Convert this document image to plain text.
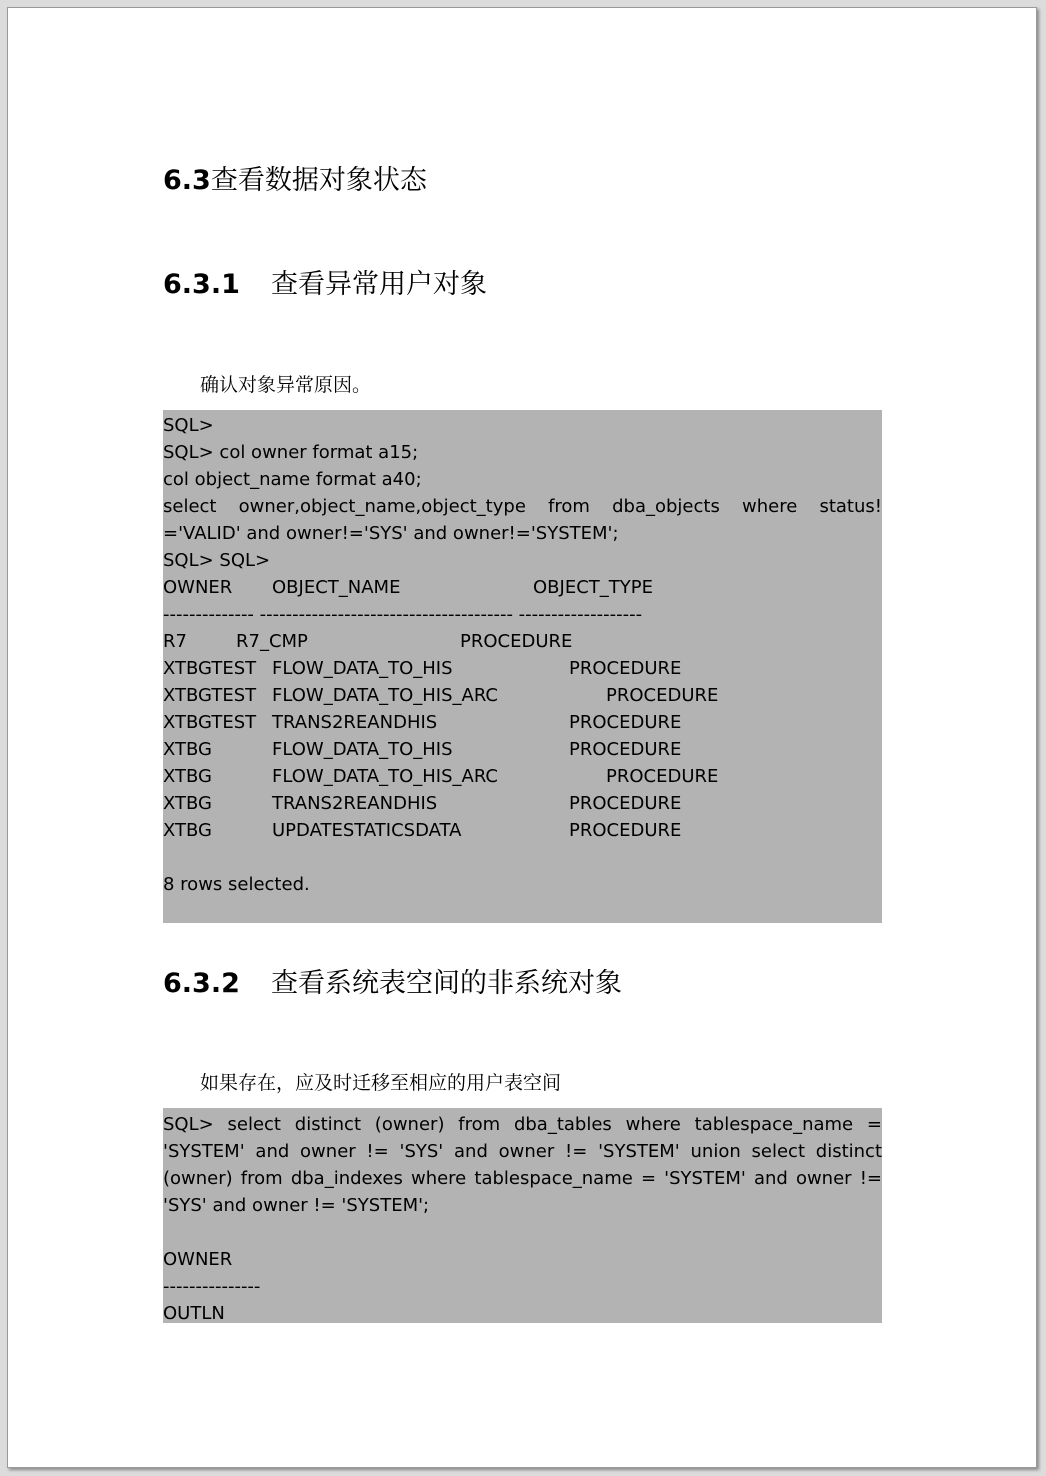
6.3查看数据对象状态
6.3.1 查看异常用户对象
确认对象异常原因。
SQL>
SQL> col owner format a15;
col object_name format a40;
select owner,object_name,object_type from dba_objects where status!
='VALID' and owner!='SYS' and owner!='SYSTEM';
SQL> SQL>
OWNER OBJECT_NAME	OBJECT_TYPE
-------------- --------------------------------------- -------------------
R7	R7_CMP	PROCEDURE
XTBGTEST FLOW_DATA_TO_HIS	PROCEDURE
XTBGTEST FLOW_DATA_TO_HIS_ARC	PROCEDURE
XTBGTEST TRANS2REANDHIS	PROCEDURE
XTBG	FLOW_DATA_TO_HIS	PROCEDURE
XTBG	FLOW_DATA_TO_HIS_ARC	PROCEDURE
XTBG	TRANS2REANDHIS	PROCEDURE
XTBG	UPDATESTATICSDATA	PROCEDURE
8 rows selected.
6.3.2 查看系统表空间的非系统对象
如果存在，应及时迁移至相应的用户表空间
SQL> select distinct (owner) from dba_tables where tablespace_name =
'SYSTEM' and owner != 'SYS' and owner != 'SYSTEM' union select distinct
(owner) from dba_indexes where tablespace_name = 'SYSTEM' and owner !=
'SYS' and owner != 'SYSTEM';
OWNER
---------------
OUTLN
